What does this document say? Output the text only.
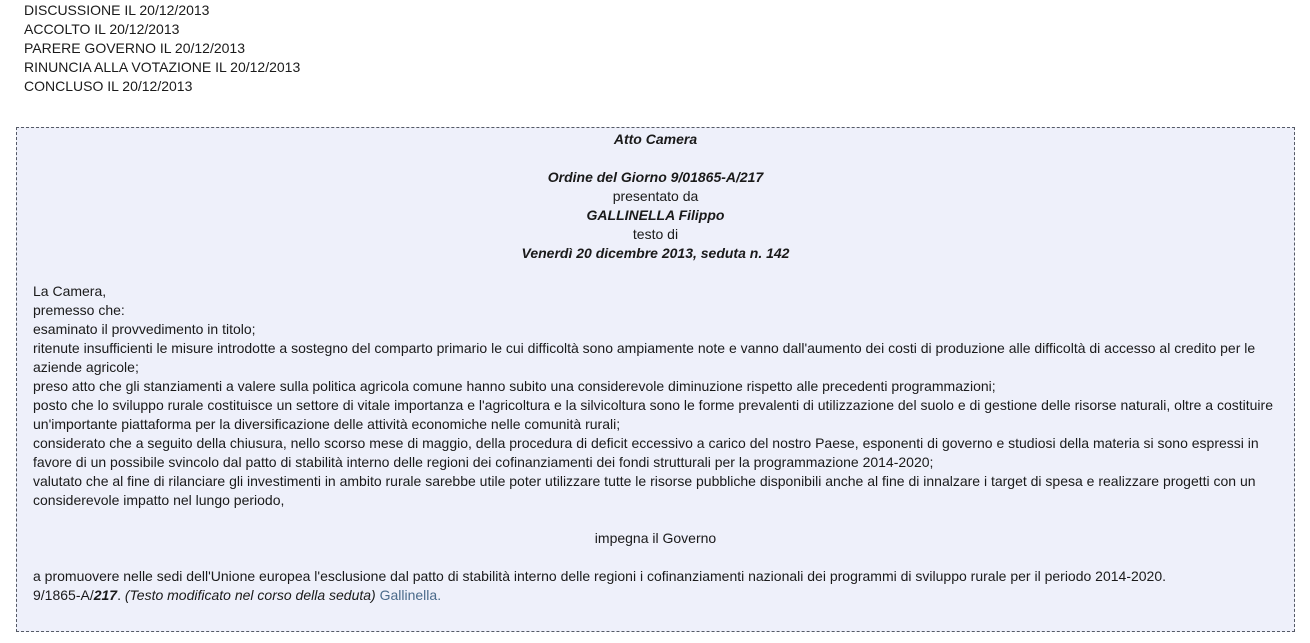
DISCUSSIONE IL 20/12/2013
ACCOLTO IL 20/12/2013
PARERE GOVERNO IL 20/12/2013
RINUNCIA ALLA VOTAZIONE IL 20/12/2013
CONCLUSO IL 20/12/2013
Atto Camera
Ordine del Giorno 9/01865-A/217
presentato da
GALLINELLA Filippo
testo di
Venerdì 20 dicembre 2013, seduta n. 142

La Camera,

premesso che:

esaminato il provvedimento in titolo;

ritenute insufficienti le misure introdotte a sostegno del comparto primario le cui difficoltà sono ampiamente note e vanno dall'aumento dei costi di produzione alle difficoltà di accesso al credito per le aziende agricole;

preso atto che gli stanziamenti a valere sulla politica agricola comune hanno subito una considerevole diminuzione rispetto alle precedenti programmazioni;

posto che lo sviluppo rurale costituisce un settore di vitale importanza e l'agricoltura e la silvicoltura sono le forme prevalenti di utilizzazione del suolo e di gestione delle risorse naturali, oltre a costituire un'importante piattaforma per la diversificazione delle attività economiche nelle comunità rurali;

considerato che a seguito della chiusura, nello scorso mese di maggio, della procedura di deficit eccessivo a carico del nostro Paese, esponenti di governo e studiosi della materia si sono espressi in favore di un possibile svincolo dal patto di stabilità interno delle regioni dei cofinanziamenti dei fondi strutturali per la programmazione 2014-2020;

valutato che al fine di rilanciare gli investimenti in ambito rurale sarebbe utile poter utilizzare tutte le risorse pubbliche disponibili anche al fine di innalzare i target di spesa e realizzare progetti con un considerevole impatto nel lungo periodo,

impegna il Governo

a promuovere nelle sedi dell'Unione europea l'esclusione dal patto di stabilità interno delle regioni i cofinanziamenti nazionali dei programmi di sviluppo rurale per il periodo 2014-2020.

9/1865-A/217. (Testo modificato nel corso della seduta) Gallinella.
